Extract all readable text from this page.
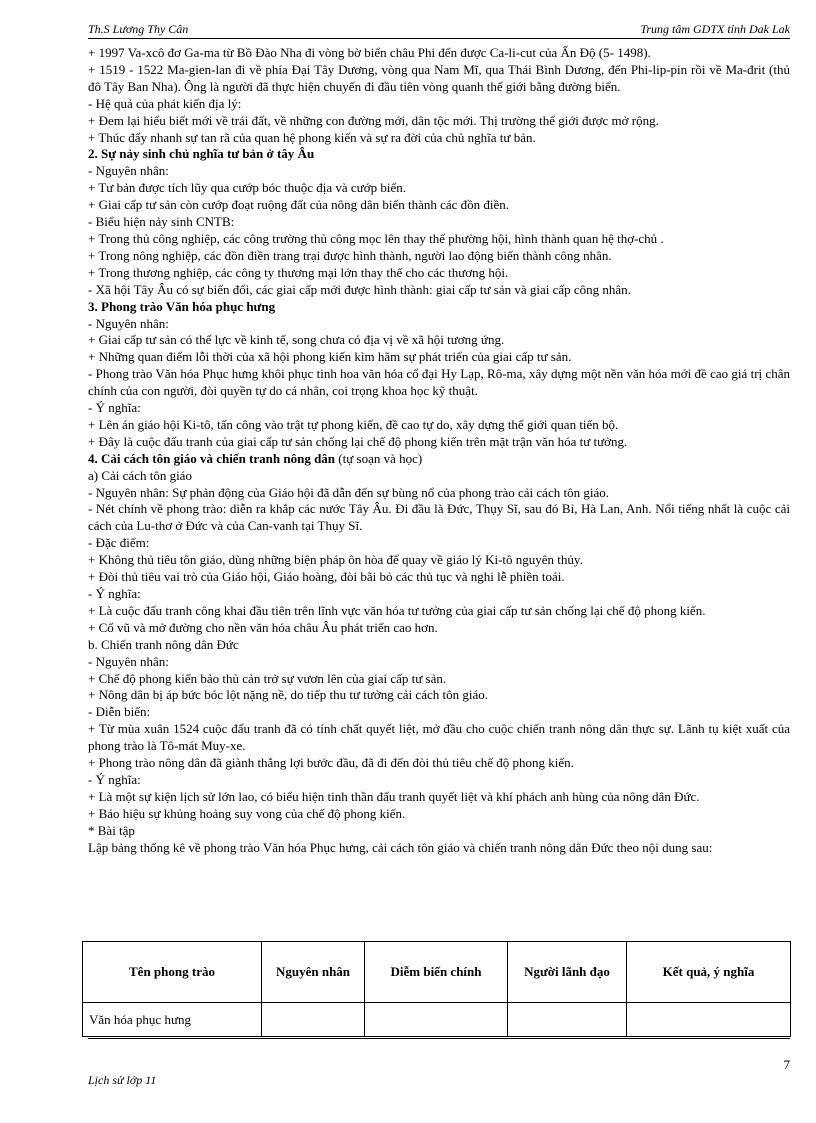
Th.S Lương Thy Cân	Trung tâm GDTX tỉnh Dak Lak

+ 1997 Va-xcô đơ Ga-ma từ Bồ Đào Nha đi vòng bờ biển châu Phi đến được Ca-li-cut của Ấn Độ (5- 1498).

+ 1519 - 1522 Ma-gien-lan đi về phía Đại Tây Dương, vòng qua Nam Mĩ, qua Thái Bình Dương, đến Phi-lip-pin rồi về Ma-đrit (thủ đô Tây Ban Nha). Ông là người đã thực hiện chuyến đi đầu tiên vòng quanh thế giới bằng đường biển.

- Hệ quả của phát kiến địa lý:

+ Đem lại hiểu biết mới về trái đất, về những con đường mới, dân tộc mới. Thị trường thế giới được mở rộng.

+ Thúc đẩy nhanh sự tan rã của quan hệ phong kiến và sự ra đời của chủ nghĩa tư bản.

2. Sự nảy sinh chủ nghĩa tư bản ở tây Âu

- Nguyên nhân:

+ Tư bản được tích lũy qua cướp bóc thuộc địa và cướp biển.

+ Giai cấp tư sản còn cướp đoạt ruộng đất của nông dân biến thành các đồn điền.

- Biểu hiện nảy sinh CNTB:

+ Trong thủ công nghiệp, các công trường thủ công mọc lên thay thế phường hội, hình thành quan hệ thợ-chủ .

+ Trong nông nghiệp, các đồn điền trang trại được hình thành, người lao động biến thành công nhân.

+ Trong thương nghiệp, các công ty thương mại lớn thay thế cho các thương hội.

- Xã hội Tây Âu có sự biến đổi, các giai cấp mới được hình thành: giai cấp tư sản và giai cấp công nhân.

3. Phong trào Văn hóa phục hưng

- Nguyên nhân:

+ Giai cấp tư sản có thế lực về kinh tế, song chưa có địa vị về xã hội tương ứng.

+ Những quan điểm lỗi thời của xã hội phong kiến kìm hãm sự phát triển của giai cấp tư sản.

- Phong trào Văn hóa Phục hưng khôi phục tinh hoa văn hóa cổ đại Hy Lạp, Rô-ma, xây dựng một nền văn hóa mới đề cao giá trị chân chính của con người, đòi quyền tự do cá nhân, coi trọng khoa học kỹ thuật.

- Ý nghĩa:

+ Lên án giáo hội Ki-tô, tấn công vào trật tự phong kiến, đề cao tự do, xây dựng thế giới quan tiến bộ.

+ Đây là cuộc đấu tranh của giai cấp tư sản chống lại chế độ phong kiến trên mặt trận văn hóa tư tưởng.

4. Cải cách tôn giáo và chiến tranh nông dân (tự soạn và học)

a) Cải cách tôn giáo

- Nguyên nhân: Sự phản động của Giáo hội đã dẫn đến sự bùng nổ của phong trào cải cách tôn giáo.

- Nét chính về phong trào: diễn ra khắp các nước Tây Âu. Đi đầu là Đức, Thụy Sĩ, sau đó Bỉ, Hà Lan, Anh. Nổi tiếng nhất là cuộc cải cách của Lu-thơ ở Đức và của Can-vanh tại Thụy Sĩ.

- Đặc điểm:

+ Không thủ tiêu tôn giáo, dùng những biện pháp ôn hòa để quay về giáo lý Ki-tô nguyên thủy.

+ Đòi thủ tiêu vai trò của Giáo hội, Giáo hoàng, đòi bãi bỏ các thủ tục và nghi lễ phiền toái.

- Ý nghĩa:

+ Là cuộc đấu tranh công khai đầu tiên trên lĩnh vực văn hóa tư tưởng của giai cấp tư sản chống lại chế độ phong kiến.

+ Cổ vũ và mở đường cho nền văn hóa châu Âu phát triển cao hơn.

b. Chiến tranh nông dân Đức

- Nguyên nhân:

+ Chế độ phong kiến bảo thủ cản trở sự vươn lên của giai cấp tư sản.

+ Nông dân bị áp bức bóc lột nặng nề, do tiếp thu tư tưởng cải cách tôn giáo.

- Diễn biến:

+ Từ mùa xuân 1524 cuộc đấu tranh đã có tính chất quyết liệt, mở đầu cho cuộc chiến tranh nông dân thực sự. Lãnh tụ kiệt xuất của phong trào là Tô-mát Muy-xe.

+ Phong trào nông dân đã giành thắng lợi bước đầu, đã đi đến đòi thủ tiêu chế độ phong kiến.

- Ý nghĩa:

+ Là một sự kiện lịch sử lớn lao, có biểu hiện tinh thần đấu tranh quyết liệt và khí phách anh hùng của nông dân Đức.

+ Báo hiệu sự khủng hoảng suy vong của chế độ phong kiến.

* Bài tập

Lập bảng thống kê về phong trào Văn hóa Phục hưng, cải cách tôn giáo và chiến tranh nông dân Đức theo nội dung sau:

Tên phong trào	Nguyên nhân	Diễm biến chính	Người lãnh đạo	Kết quả, ý nghĩa
Văn hóa phục hưng				
7
Lịch sử lớp 11
